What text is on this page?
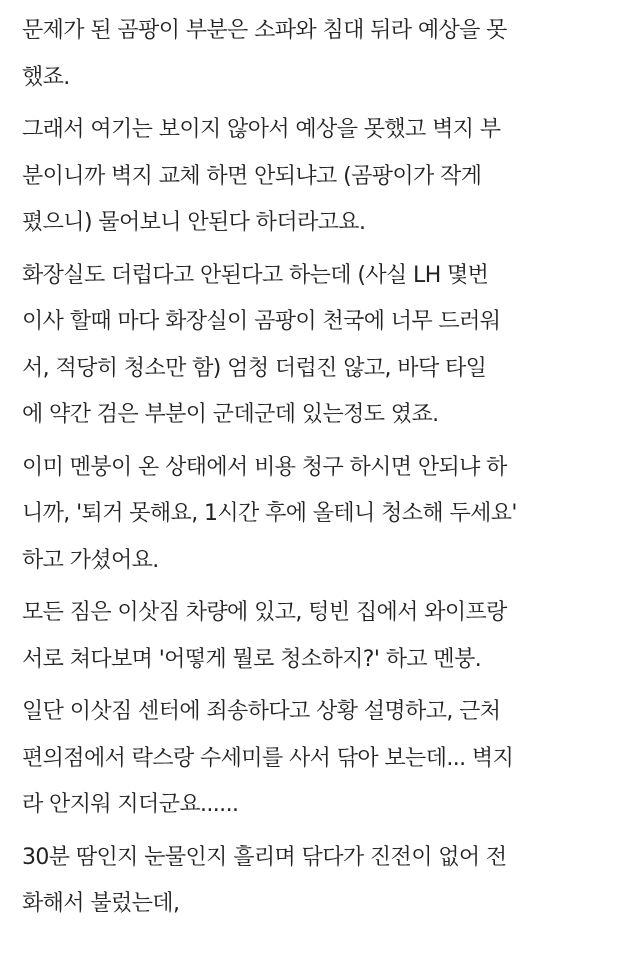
문제가 된 곰팡이 부분은 소파와 침대 뒤라 예상을 못
했죠.

그래서 여기는 보이지 않아서 예상을 못했고 벽지 부
분이니까 벽지 교체 하면 안되냐고 (곰팡이가 작게
폈으니) 물어보니 안된다 하더라고요.

화장실도 더럽다고 안된다고 하는데 (사실 LH 몇번
이사 할때 마다 화장실이 곰팡이 천국에 너무 드러워
서, 적당히 청소만 함) 엄청 더럽진 않고, 바닥 타일
에 약간 검은 부분이 군데군데 있는정도 였죠.

이미 멘붕이 온 상태에서 비용 청구 하시면 안되냐 하
니까, '퇴거 못해요, 1시간 후에 올테니 청소해 두세요'
하고 가셨어요.

모든 짐은 이삿짐 차량에 있고, 텅빈 집에서 와이프랑
서로 쳐다보며 '어떻게 뭘로 청소하지?' 하고 멘붕.

일단 이삿짐 센터에 죄송하다고 상황 설명하고, 근처
편의점에서 락스랑 수세미를 사서 닦아 보는데... 벽지
라 안지워 지더군요......

30분 땀인지 눈물인지 흘리며 닦다가 진전이 없어 전
화해서 불렀는데,
